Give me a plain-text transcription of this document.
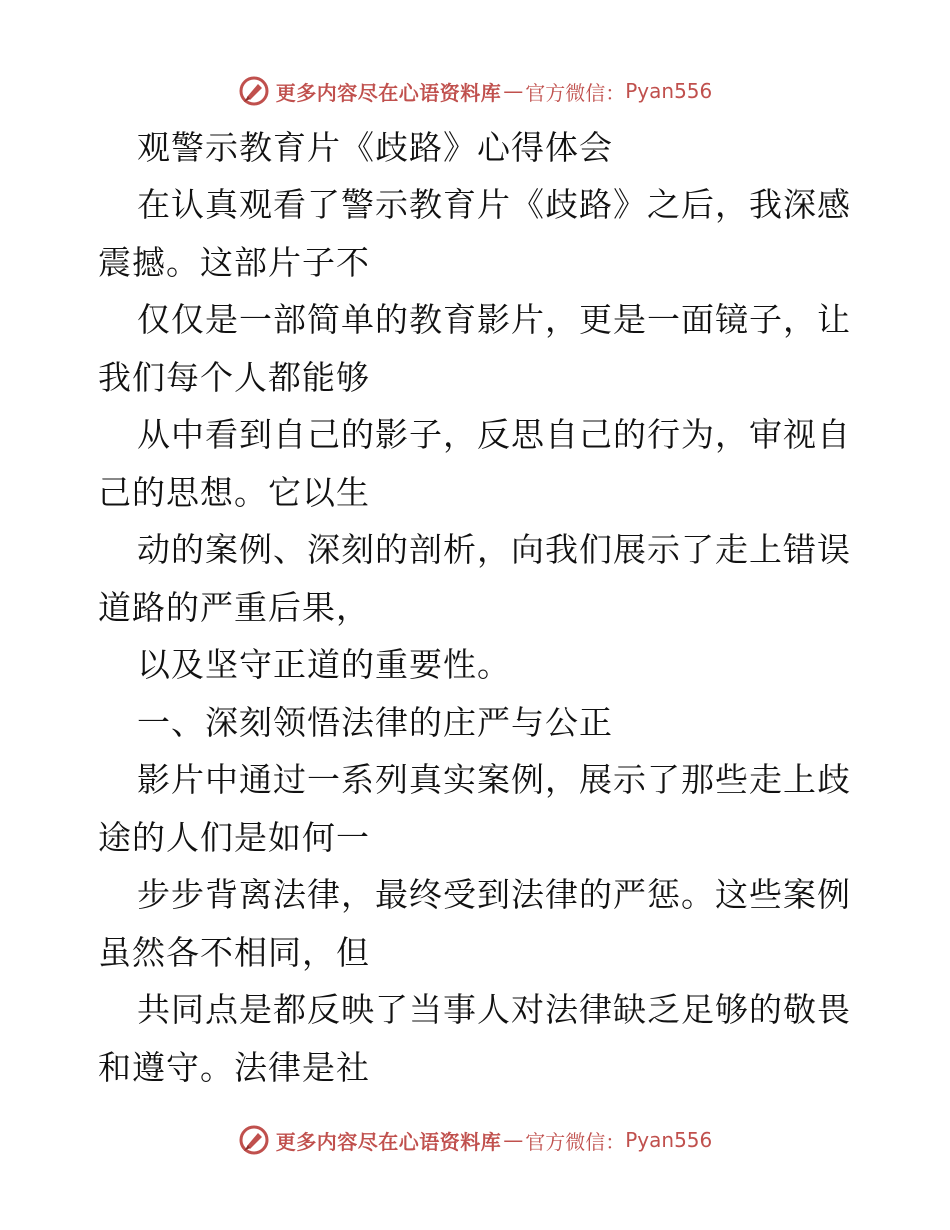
更多内容尽在心语资料库 — 官方微信： Pyan556
观警示教育片《歧路》心得体会
在认真观看了警示教育片《歧路》之后，我深感
震撼。这部片子不
仅仅是一部简单的教育影片，更是一面镜子，让
我们每个人都能够
从中看到自己的影子，反思自己的行为，审视自
己的思想。它以生
动的案例、深刻的剖析，向我们展示了走上错误
道路的严重后果，
以及坚守正道的重要性。
一、深刻领悟法律的庄严与公正
影片中通过一系列真实案例，展示了那些走上歧
途的人们是如何一
步步背离法律，最终受到法律的严惩。这些案例
虽然各不相同，但
共同点是都反映了当事人对法律缺乏足够的敬畏
和遵守。法律是社
更多内容尽在心语资料库 — 官方微信： Pyan556
